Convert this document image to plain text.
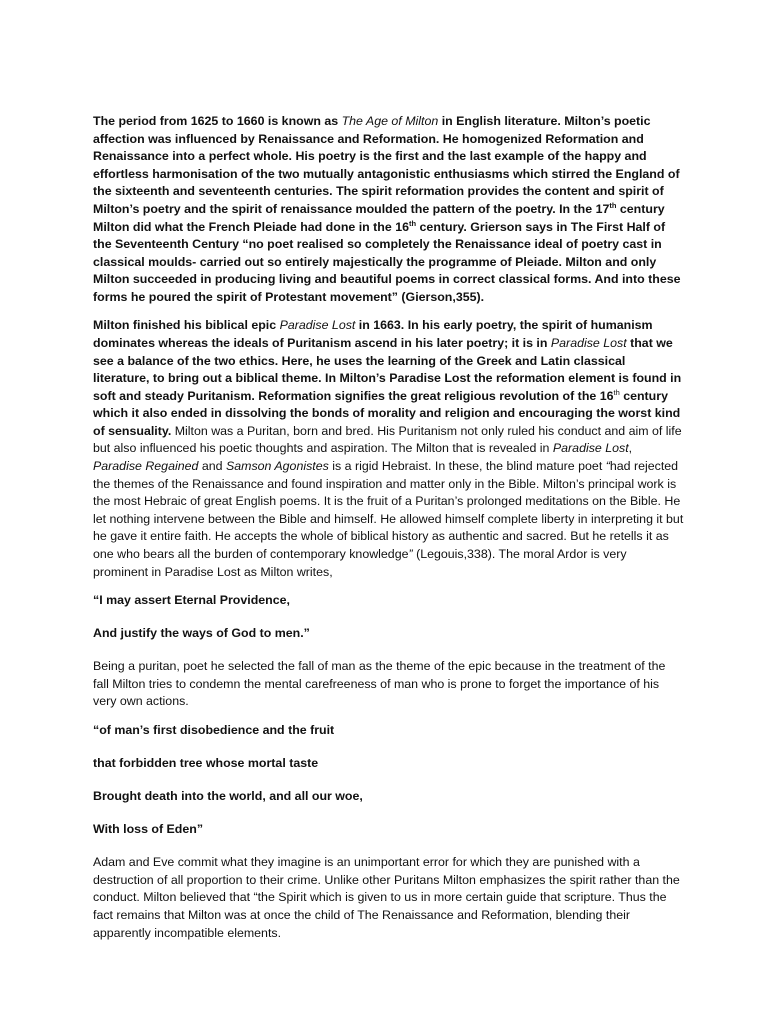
The period from 1625 to 1660 is known as The Age of Milton in English literature. Milton’s poetic affection was influenced by Renaissance and Reformation. He homogenized Reformation and Renaissance into a perfect whole. His poetry is the first and the last example of the happy and effortless harmonisation of the two mutually antagonistic enthusiasms which stirred the England of the sixteenth and seventeenth centuries. The spirit reformation provides the content and spirit of Milton’s poetry and the spirit of renaissance moulded the pattern of the poetry. In the 17th century Milton did what the French Pleiade had done in the 16th century. Grierson says in The First Half of the Seventeenth Century “no poet realised so completely the Renaissance ideal of poetry cast in classical moulds- carried out so entirely majestically the programme of Pleiade. Milton and only Milton succeeded in producing living and beautiful poems in correct classical forms. And into these forms he poured the spirit of Protestant movement” (Gierson,355).

Milton finished his biblical epic Paradise Lost in 1663. In his early poetry, the spirit of humanism dominates whereas the ideals of Puritanism ascend in his later poetry; it is in Paradise Lost that we see a balance of the two ethics. Here, he uses the learning of the Greek and Latin classical literature, to bring out a biblical theme. In Milton’s Paradise Lost the reformation element is found in soft and steady Puritanism. Reformation signifies the great religious revolution of the 16th century which it also ended in dissolving the bonds of morality and religion and encouraging the worst kind of sensuality. Milton was a Puritan, born and bred. His Puritanism not only ruled his conduct and aim of life but also influenced his poetic thoughts and aspiration. The Milton that is revealed in Paradise Lost, Paradise Regained and Samson Agonistes is a rigid Hebraist. In these, the blind mature poet “had rejected the themes of the Renaissance and found inspiration and matter only in the Bible. Milton’s principal work is the most Hebraic of great English poems. It is the fruit of a Puritan’s prolonged meditations on the Bible. He let nothing intervene between the Bible and himself. He allowed himself complete liberty in interpreting it but he gave it entire faith. He accepts the whole of biblical history as authentic and sacred. But he retells it as one who bears all the burden of contemporary knowledge” (Legouis,338). The moral Ardor is very prominent in Paradise Lost as Milton writes,

“I may assert Eternal Providence,

And justify the ways of God to men.”

Being a puritan, poet he selected the fall of man as the theme of the epic because in the treatment of the fall Milton tries to condemn the mental carefreeness of man who is prone to forget the importance of his very own actions.

“of man’s first disobedience and the fruit

that forbidden tree whose mortal taste

Brought death into the world, and all our woe,

With loss of Eden”

Adam and Eve commit what they imagine is an unimportant error for which they are punished with a destruction of all proportion to their crime. Unlike other Puritans Milton emphasizes the spirit rather than the conduct. Milton believed that “the Spirit which is given to us in more certain guide that scripture. Thus the fact remains that Milton was at once the child of The Renaissance and Reformation, blending their apparently incompatible elements.
